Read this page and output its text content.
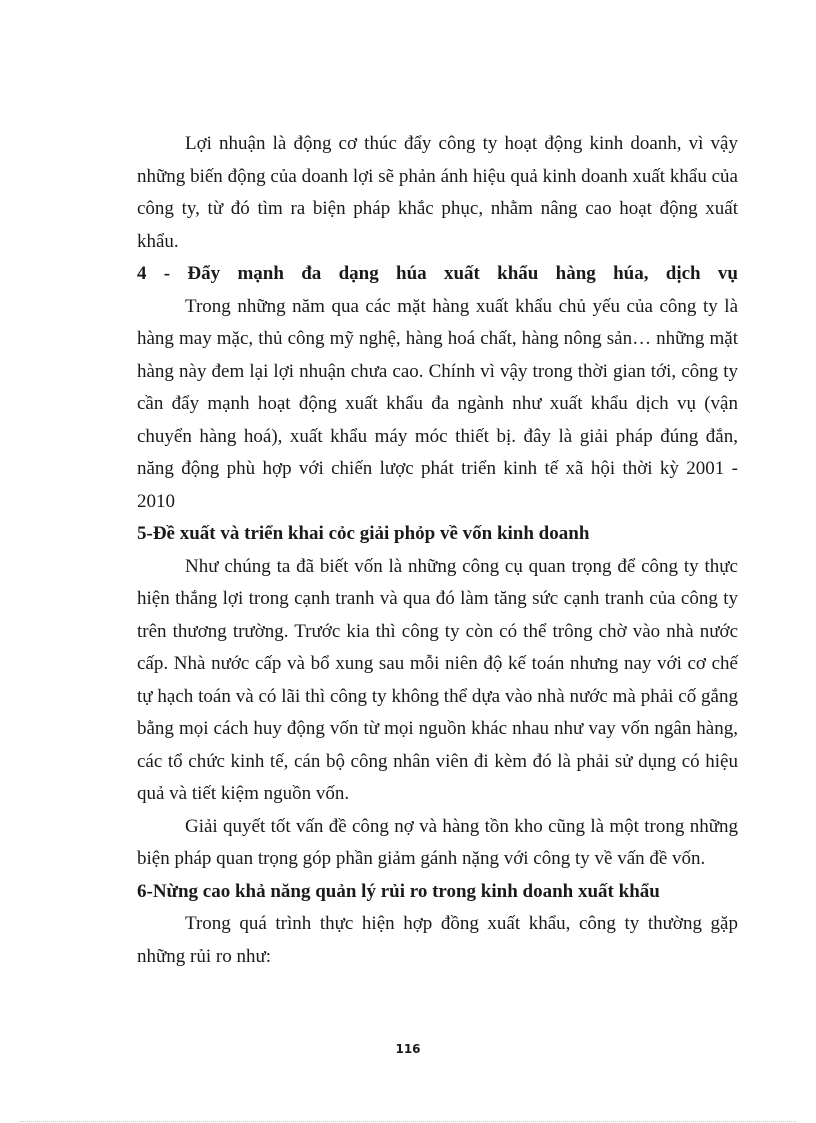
Lợi nhuận là động cơ thúc đẩy công ty hoạt động kinh doanh, vì vậy những biến động của doanh lợi sẽ phản ánh hiệu quả kinh doanh xuất khẩu của công ty, từ đó tìm ra biện pháp khắc phục, nhằm nâng cao hoạt động xuất khẩu.

4 - Đẩy mạnh đa dạng húa xuất khẩu hàng húa, dịch vụ

Trong những năm qua các mặt hàng xuất khẩu chủ yếu của công ty là hàng may mặc, thủ công mỹ nghệ, hàng hoá chất, hàng nông sản… những mặt hàng này đem lại lợi nhuận chưa cao. Chính vì vậy trong thời gian tới, công ty cần đẩy mạnh hoạt động xuất khẩu đa ngành như xuất khẩu dịch vụ (vận chuyển hàng hoá), xuất khẩu máy móc thiết bị. đây là giải pháp đúng đắn, năng động phù hợp với chiến lược phát triển kinh tế xã hội thời kỳ 2001 - 2010

5-Đề xuất và triển khai cỏc giải phỏp về vốn kinh doanh

Như chúng ta đã biết vốn là những công cụ quan trọng để công ty thực hiện thắng lợi trong cạnh tranh và qua đó làm tăng sức cạnh tranh của công ty trên thương trường. Trước kia thì công ty còn có thể trông chờ vào nhà nước cấp. Nhà nước cấp và bổ xung sau mỗi niên độ kế toán nhưng nay với cơ chế tự hạch toán và có lãi thì công ty không thể dựa vào nhà nước mà phải cố gắng bằng mọi cách huy động vốn từ mọi nguồn khác nhau như vay vốn ngân hàng, các tổ chức kinh tế, cán bộ công nhân viên đi kèm đó là phải sử dụng có hiệu quả và tiết kiệm nguồn vốn.

Giải quyết tốt vấn đề công nợ và hàng tồn kho cũng là một trong những biện pháp quan trọng góp phần giảm gánh nặng với công ty về vấn đề vốn.

6-Nừng cao khả năng quản lý rủi ro trong kinh doanh xuất khẩu

Trong quá trình thực hiện hợp đồng xuất khẩu, công ty thường gặp những rủi ro như:

116
